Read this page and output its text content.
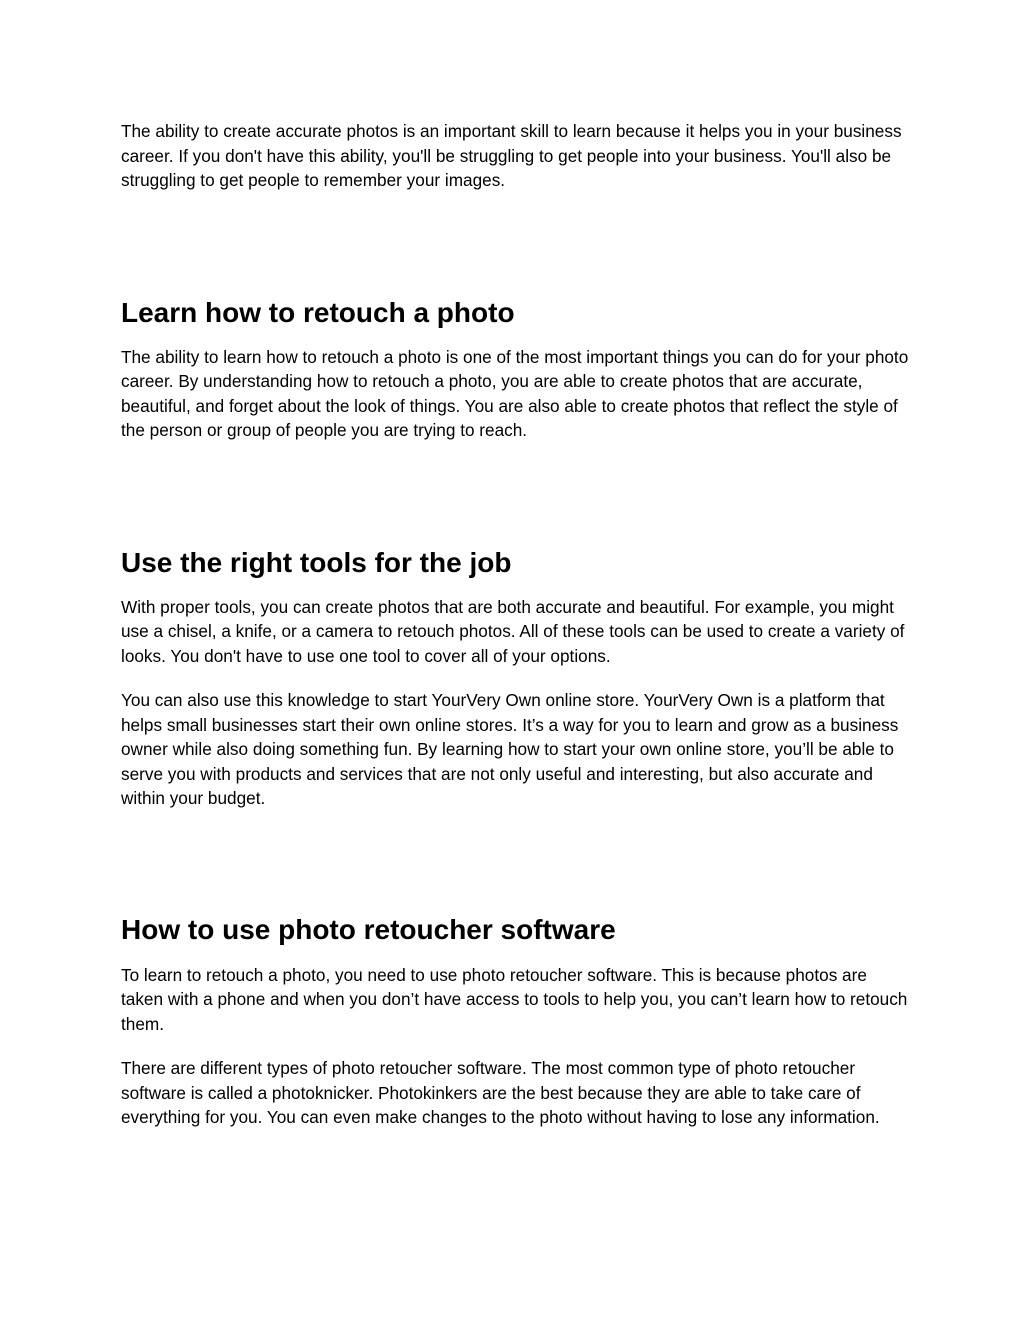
The ability to create accurate photos is an important skill to learn because it helps you in your business career. If you don't have this ability, you'll be struggling to get people into your business. You'll also be struggling to get people to remember your images.

Learn how to retouch a photo

The ability to learn how to retouch a photo is one of the most important things you can do for your photo career. By understanding how to retouch a photo, you are able to create photos that are accurate, beautiful, and forget about the look of things. You are also able to create photos that reflect the style of the person or group of people you are trying to reach.

Use the right tools for the job

With proper tools, you can create photos that are both accurate and beautiful. For example, you might use a chisel, a knife, or a camera to retouch photos. All of these tools can be used to create a variety of looks. You don't have to use one tool to cover all of your options.

You can also use this knowledge to start YourVery Own online store. YourVery Own is a platform that helps small businesses start their own online stores. It’s a way for you to learn and grow as a business owner while also doing something fun. By learning how to start your own online store, you’ll be able to serve you with products and services that are not only useful and interesting, but also accurate and within your budget.

How to use photo retoucher software

To learn to retouch a photo, you need to use photo retoucher software. This is because photos are taken with a phone and when you don’t have access to tools to help you, you can’t learn how to retouch them.

There are different types of photo retoucher software. The most common type of photo retoucher software is called a photoknicker. Photokinkers are the best because they are able to take care of everything for you. You can even make changes to the photo without having to lose any information.
